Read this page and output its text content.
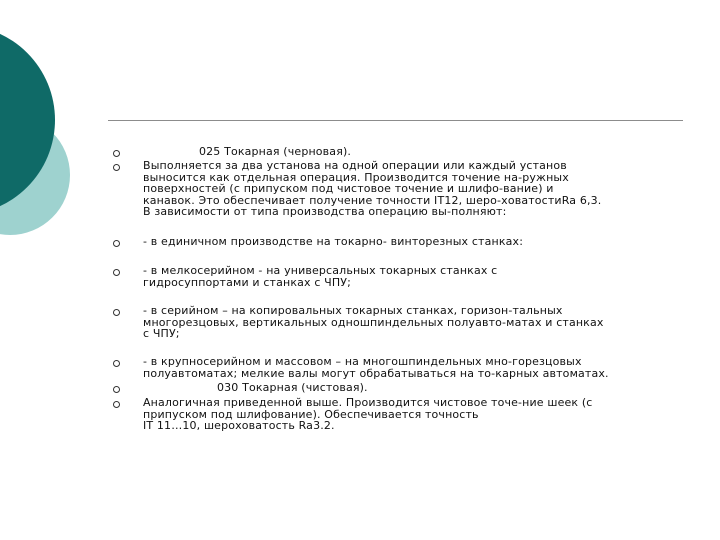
025 Токарная (черновая).
Выполняется за два установа на одной операции или каждый установ
выносится как отдельная операция. Производится точение на-ружных
поверхностей (с припуском под чистовое точение и шлифо-вание) и
канавок. Это обеспечивает получение точности IT12, шеро-ховатостиRa 6,3.
В зависимости от типа производства операцию вы-полняют:
- в единичном производстве на токарно- винторезных станках:
- в мелкосерийном - на универсальных токарных станках с
гидросуппортами и станках с ЧПУ;
- в серийном – на копировальных токарных станках, горизон-тальных
многорезцовых, вертикальных одношпиндельных полуавто-матах и станках
с ЧПУ;
- в крупносерийном и массовом – на многошпиндельных мно-горезцовых
полуавтоматах; мелкие валы могут обрабатываться на то-карных автоматах.
030 Токарная (чистовая).
Аналогичная приведенной выше. Производится чистовое точе-ние шеек (с
припуском под шлифование). Обеспечивается точность
IT 11…10, шероховатость Ra3.2.
